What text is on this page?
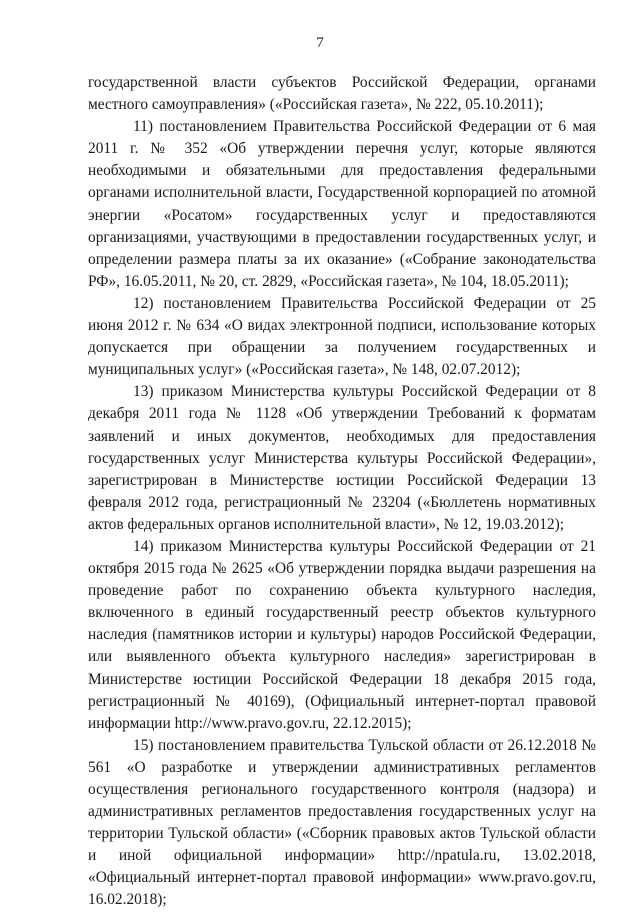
7

государственной власти субъектов Российской Федерации, органами местного самоуправления» («Российская газета», № 222, 05.10.2011);

11) постановлением Правительства Российской Федерации от 6 мая 2011 г. № 352 «Об утверждении перечня услуг, которые являются необходимыми и обязательными для предоставления федеральными органами исполнительной власти, Государственной корпорацией по атомной энергии «Росатом» государственных услуг и предоставляются организациями, участвующими в предоставлении государственных услуг, и определении размера платы за их оказание» («Собрание законодательства РФ», 16.05.2011, № 20, ст. 2829, «Российская газета», № 104, 18.05.2011);

12) постановлением Правительства Российской Федерации от 25 июня 2012 г. № 634 «О видах электронной подписи, использование которых допускается при обращении за получением государственных и муниципальных услуг» («Российская газета», № 148, 02.07.2012);

13) приказом Министерства культуры Российской Федерации от 8 декабря 2011 года № 1128 «Об утверждении Требований к форматам заявлений и иных документов, необходимых для предоставления государственных услуг Министерства культуры Российской Федерации», зарегистрирован в Министерстве юстиции Российской Федерации 13 февраля 2012 года, регистрационный № 23204 («Бюллетень нормативных актов федеральных органов исполнительной власти», № 12, 19.03.2012);

14) приказом Министерства культуры Российской Федерации от 21 октября 2015 года № 2625 «Об утверждении порядка выдачи разрешения на проведение работ по сохранению объекта культурного наследия, включенного в единый государственный реестр объектов культурного наследия (памятников истории и культуры) народов Российской Федерации, или выявленного объекта культурного наследия» зарегистрирован в Министерстве юстиции Российской Федерации 18 декабря 2015 года, регистрационный № 40169), (Официальный интернет-портал правовой информации http://www.pravo.gov.ru, 22.12.2015);

15) постановлением правительства Тульской области от 26.12.2018 № 561 «О разработке и утверждении административных регламентов осуществления регионального государственного контроля (надзора) и административных регламентов предоставления государственных услуг на территории Тульской области» («Сборник правовых актов Тульской области и иной официальной информации» http://npatula.ru, 13.02.2018, «Официальный интернет-портал правовой информации» www.pravo.gov.ru, 16.02.2018);
